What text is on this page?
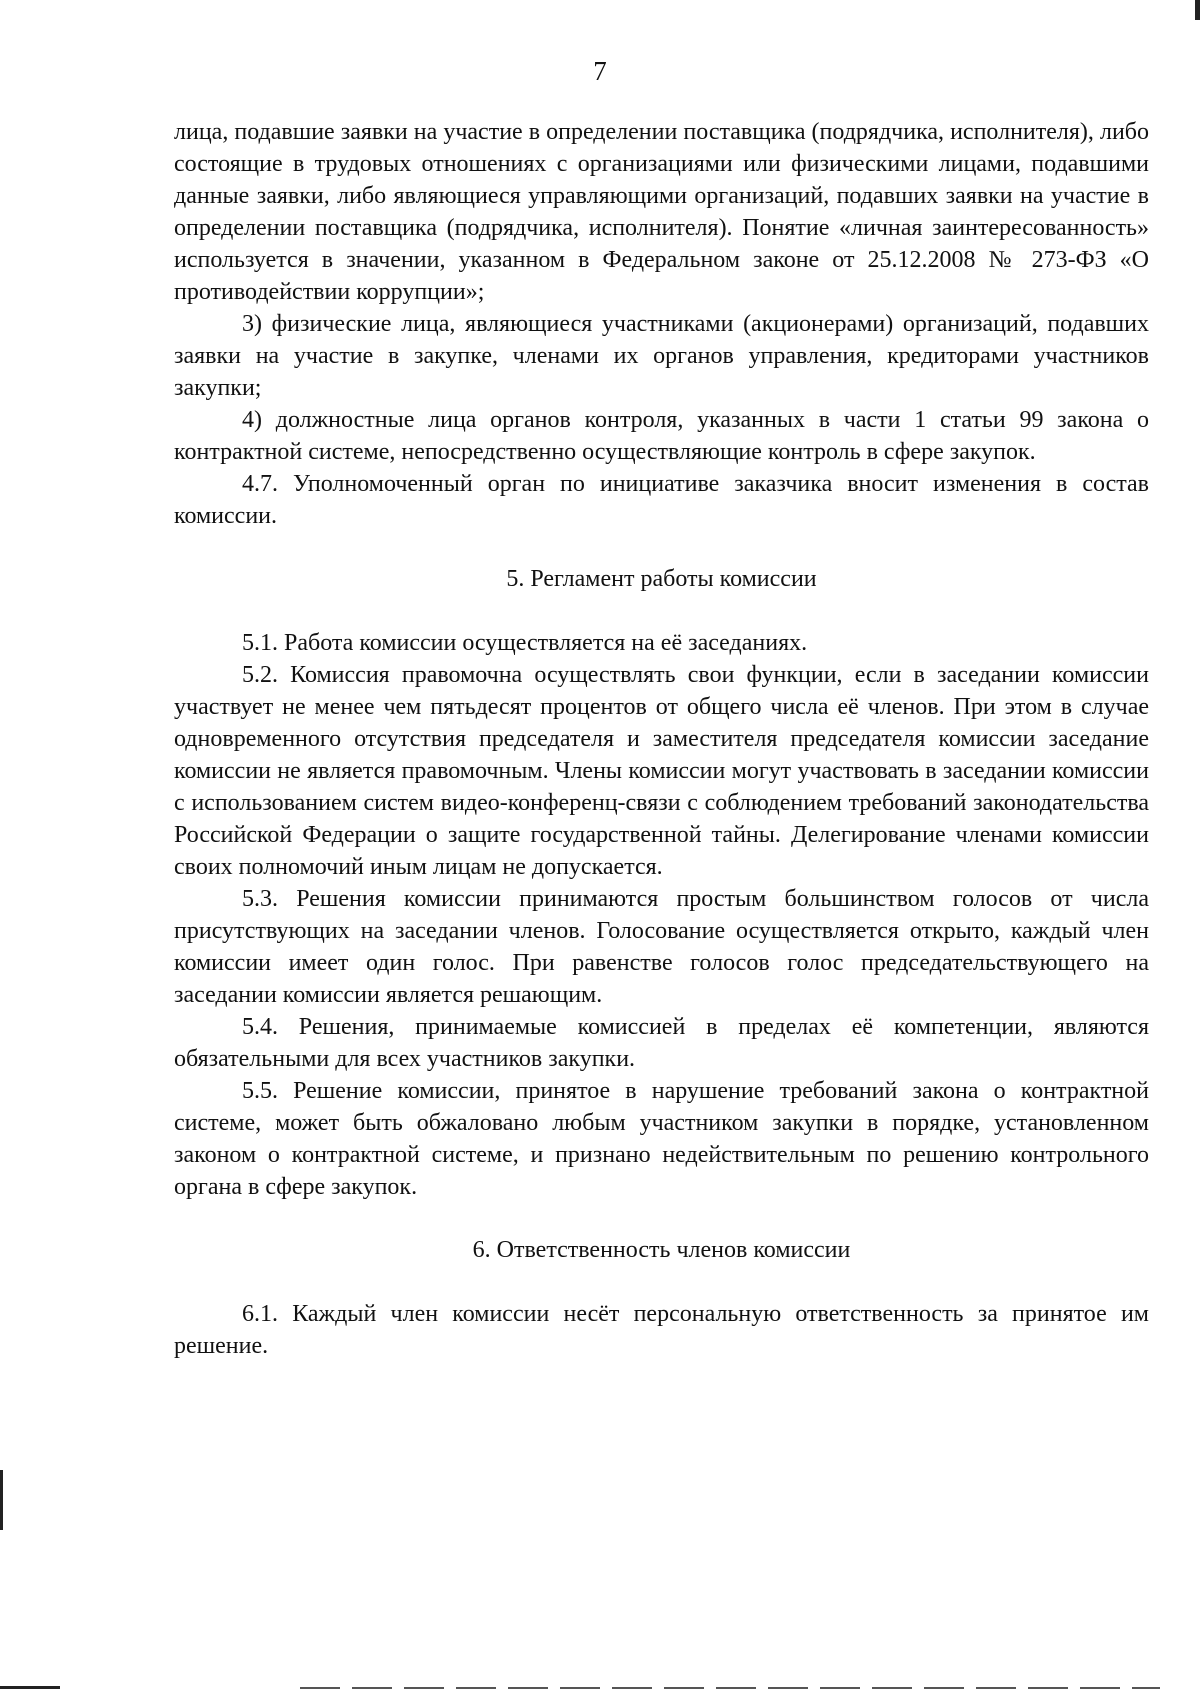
7

лица, подавшие заявки на участие в определении поставщика (подрядчика, исполнителя), либо состоящие в трудовых отношениях с организациями или физическими лицами, подавшими данные заявки, либо являющиеся управляющими организаций, подавших заявки на участие в определении поставщика (подрядчика, исполнителя). Понятие «личная заинтересованность» используется в значении, указанном в Федеральном законе от 25.12.2008 № 273-ФЗ «О противодействии коррупции»;

3) физические лица, являющиеся участниками (акционерами) организаций, подавших заявки на участие в закупке, членами их органов управления, кредиторами участников закупки;

4) должностные лица органов контроля, указанных в части 1 статьи 99 закона о контрактной системе, непосредственно осуществляющие контроль в сфере закупок.

4.7. Уполномоченный орган по инициативе заказчика вносит изменения в состав комиссии.

5. Регламент работы комиссии

5.1. Работа комиссии осуществляется на её заседаниях.

5.2. Комиссия правомочна осуществлять свои функции, если в заседании комиссии участвует не менее чем пятьдесят процентов от общего числа её членов. При этом в случае одновременного отсутствия председателя и заместителя председателя комиссии заседание комиссии не является правомочным. Члены комиссии могут участвовать в заседании комиссии с использованием систем видео-конференц-связи с соблюдением требований законодательства Российской Федерации о защите государственной тайны. Делегирование членами комиссии своих полномочий иным лицам не допускается.

5.3. Решения комиссии принимаются простым большинством голосов от числа присутствующих на заседании членов. Голосование осуществляется открыто, каждый член комиссии имеет один голос. При равенстве голосов голос председательствующего на заседании комиссии является решающим.

5.4. Решения, принимаемые комиссией в пределах её компетенции, являются обязательными для всех участников закупки.

5.5. Решение комиссии, принятое в нарушение требований закона о контрактной системе, может быть обжаловано любым участником закупки в порядке, установленном законом о контрактной системе, и признано недействительным по решению контрольного органа в сфере закупок.

6. Ответственность членов комиссии

6.1. Каждый член комиссии несёт персональную ответственность за принятое им решение.
